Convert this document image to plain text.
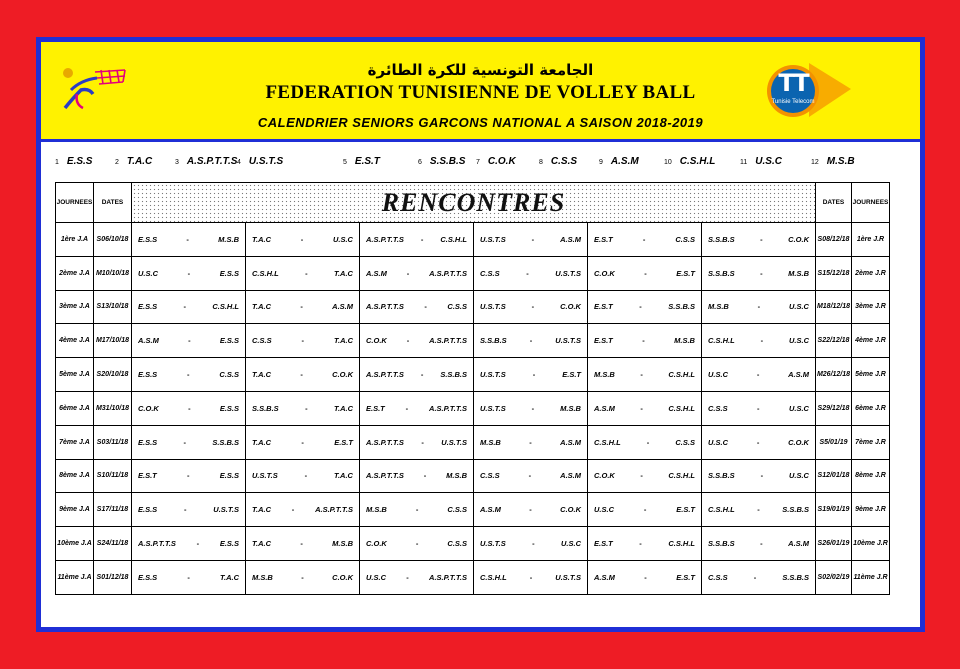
الجامعة التونسية للكرة الطائرة
FEDERATION TUNISIENNE DE VOLLEY BALL
CALENDRIER SENIORS GARCONS NATIONAL A SAISON 2018-2019
TT
Tunisie Telecom
1 E.S.S	2 T.A.C	3 A.S.P.T.T.S 4 U.S.T.S	5 E.S.T	6 S.S.B.S 7 C.O.K	8 C.S.S	9 A.S.M	10 C.S.H.L	11 U.S.C	12 M.S.B
JOURNEES	DATES	RENCONTRES						DATES	JOURNEES
1ère J.A	S06/10/18	E.S.S - M.S.B	T.A.C - U.S.C	A.S.P.T.T.S - C.S.H.L	U.S.T.S - A.S.M	E.S.T - C.S.S	S.S.B.S - C.O.K	S08/12/18	1ère J.R
2ème J.A	M10/10/18	U.S.C - E.S.S	C.S.H.L - T.A.C	A.S.M - A.S.P.T.T.S	C.S.S - U.S.T.S	C.O.K - E.S.T	S.S.B.S - M.S.B	S15/12/18	2ème J.R
3ème J.A	S13/10/18	E.S.S - C.S.H.L	T.A.C - A.S.M	A.S.P.T.T.S - C.S.S	U.S.T.S - C.O.K	E.S.T - S.S.B.S	M.S.B - U.S.C	M18/12/18	3ème J.R
4ème J.A	M17/10/18	A.S.M - E.S.S	C.S.S - T.A.C	C.O.K - A.S.P.T.T.S	S.S.B.S - U.S.T.S	E.S.T - M.S.B	C.S.H.L - U.S.C	S22/12/18	4ème J.R
5ème J.A	S20/10/18	E.S.S - C.S.S	T.A.C - C.O.K	A.S.P.T.T.S - S.S.B.S	U.S.T.S - E.S.T	M.S.B - C.S.H.L	U.S.C - A.S.M	M26/12/18	5ème J.R
6ème J.A	M31/10/18	C.O.K - E.S.S	S.S.B.S - T.A.C	E.S.T - A.S.P.T.T.S	U.S.T.S - M.S.B	A.S.M - C.S.H.L	C.S.S - U.S.C	S29/12/18	6ème J.R
7ème J.A	S03/11/18	E.S.S - S.S.B.S	T.A.C - E.S.T	A.S.P.T.T.S - U.S.T.S	M.S.B - A.S.M	C.S.H.L - C.S.S	U.S.C - C.O.K	S5/01/19	7ème J.R
8ème J.A	S10/11/18	E.S.T - E.S.S	U.S.T.S - T.A.C	A.S.P.T.T.S - M.S.B	C.S.S - A.S.M	C.O.K - C.S.H.L	S.S.B.S - U.S.C	S12/01/18	8ème J.R
9ème J.A	S17/11/18	E.S.S - U.S.T.S	T.A.C - A.S.P.T.T.S	M.S.B - C.S.S	A.S.M - C.O.K	U.S.C - E.S.T	C.S.H.L - S.S.B.S	S19/01/19	9ème J.R
10ème J.A	S24/11/18	A.S.P.T.T.S - E.S.S	T.A.C - M.S.B	C.O.K - C.S.S	U.S.T.S - U.S.C	E.S.T - C.S.H.L	S.S.B.S - A.S.M	S26/01/19	10ème J.R
11ème J.A	S01/12/18	E.S.S - T.A.C	M.S.B - C.O.K	U.S.C - A.S.P.T.T.S	C.S.H.L - U.S.T.S	A.S.M - E.S.T	C.S.S - S.S.B.S	S02/02/19	11ème J.R
